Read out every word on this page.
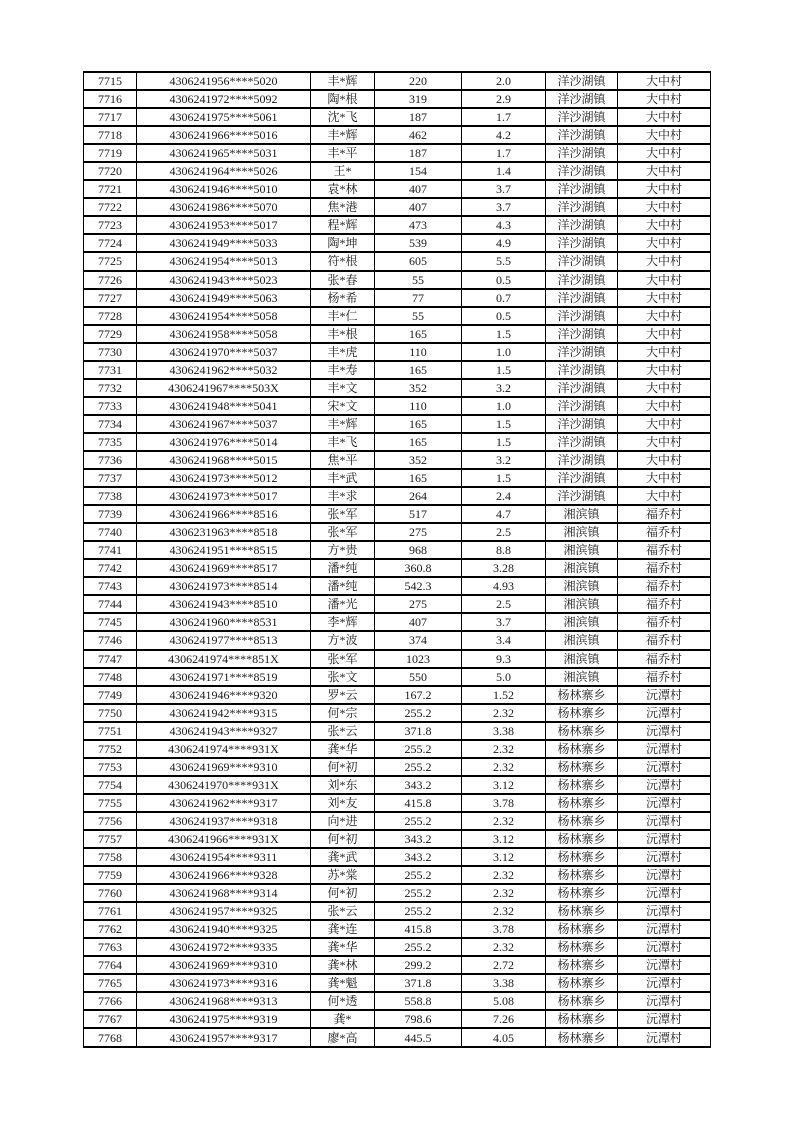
7715	4306241956****5020	丰*辉	220	2.0	洋沙湖镇	大中村
7716	4306241972****5092	陶*根	319	2.9	洋沙湖镇	大中村
7717	4306241975****5061	沈*飞	187	1.7	洋沙湖镇	大中村
7718	4306241966****5016	丰*辉	462	4.2	洋沙湖镇	大中村
7719	4306241965****5031	丰*平	187	1.7	洋沙湖镇	大中村
7720	4306241964****5026	王*	154	1.4	洋沙湖镇	大中村
7721	4306241946****5010	袁*林	407	3.7	洋沙湖镇	大中村
7722	4306241986****5070	焦*港	407	3.7	洋沙湖镇	大中村
7723	4306241953****5017	程*辉	473	4.3	洋沙湖镇	大中村
7724	4306241949****5033	陶*坤	539	4.9	洋沙湖镇	大中村
7725	4306241954****5013	符*根	605	5.5	洋沙湖镇	大中村
7726	4306241943****5023	张*春	55	0.5	洋沙湖镇	大中村
7727	4306241949****5063	杨*希	77	0.7	洋沙湖镇	大中村
7728	4306241954****5058	丰*仁	55	0.5	洋沙湖镇	大中村
7729	4306241958****5058	丰*根	165	1.5	洋沙湖镇	大中村
7730	4306241970****5037	丰*虎	110	1.0	洋沙湖镇	大中村
7731	4306241962****5032	丰*寿	165	1.5	洋沙湖镇	大中村
7732	4306241967****503X	丰*文	352	3.2	洋沙湖镇	大中村
7733	4306241948****5041	宋*文	110	1.0	洋沙湖镇	大中村
7734	4306241967****5037	丰*辉	165	1.5	洋沙湖镇	大中村
7735	4306241976****5014	丰*飞	165	1.5	洋沙湖镇	大中村
7736	4306241968****5015	焦*平	352	3.2	洋沙湖镇	大中村
7737	4306241973****5012	丰*武	165	1.5	洋沙湖镇	大中村
7738	4306241973****5017	丰*求	264	2.4	洋沙湖镇	大中村
7739	4306241966****8516	张*军	517	4.7	湘滨镇	福乔村
7740	4306231963****8518	张*军	275	2.5	湘滨镇	福乔村
7741	4306241951****8515	方*贵	968	8.8	湘滨镇	福乔村
7742	4306241969****8517	潘*纯	360.8	3.28	湘滨镇	福乔村
7743	4306241973****8514	潘*纯	542.3	4.93	湘滨镇	福乔村
7744	4306241943****8510	潘*光	275	2.5	湘滨镇	福乔村
7745	4306241960****8531	李*辉	407	3.7	湘滨镇	福乔村
7746	4306241977****8513	方*波	374	3.4	湘滨镇	福乔村
7747	4306241974****851X	张*军	1023	9.3	湘滨镇	福乔村
7748	4306241971****8519	张*文	550	5.0	湘滨镇	福乔村
7749	4306241946****9320	罗*云	167.2	1.52	杨林寨乡	沅潭村
7750	4306241942****9315	何*宗	255.2	2.32	杨林寨乡	沅潭村
7751	4306241943****9327	张*云	371.8	3.38	杨林寨乡	沅潭村
7752	4306241974****931X	龚*华	255.2	2.32	杨林寨乡	沅潭村
7753	4306241969****9310	何*初	255.2	2.32	杨林寨乡	沅潭村
7754	4306241970****931X	刘*东	343.2	3.12	杨林寨乡	沅潭村
7755	4306241962****9317	刘*友	415.8	3.78	杨林寨乡	沅潭村
7756	4306241937****9318	向*进	255.2	2.32	杨林寨乡	沅潭村
7757	4306241966****931X	何*初	343.2	3.12	杨林寨乡	沅潭村
7758	4306241954****9311	龚*武	343.2	3.12	杨林寨乡	沅潭村
7759	4306241966****9328	苏*棠	255.2	2.32	杨林寨乡	沅潭村
7760	4306241968****9314	何*初	255.2	2.32	杨林寨乡	沅潭村
7761	4306241957****9325	张*云	255.2	2.32	杨林寨乡	沅潭村
7762	4306241940****9325	龚*连	415.8	3.78	杨林寨乡	沅潭村
7763	4306241972****9335	龚*华	255.2	2.32	杨林寨乡	沅潭村
7764	4306241969****9310	龚*林	299.2	2.72	杨林寨乡	沅潭村
7765	4306241973****9316	龚*魁	371.8	3.38	杨林寨乡	沅潭村
7766	4306241968****9313	何*透	558.8	5.08	杨林寨乡	沅潭村
7767	4306241975****9319	龚*	798.6	7.26	杨林寨乡	沅潭村
7768	4306241957****9317	廖*高	445.5	4.05	杨林寨乡	沅潭村
